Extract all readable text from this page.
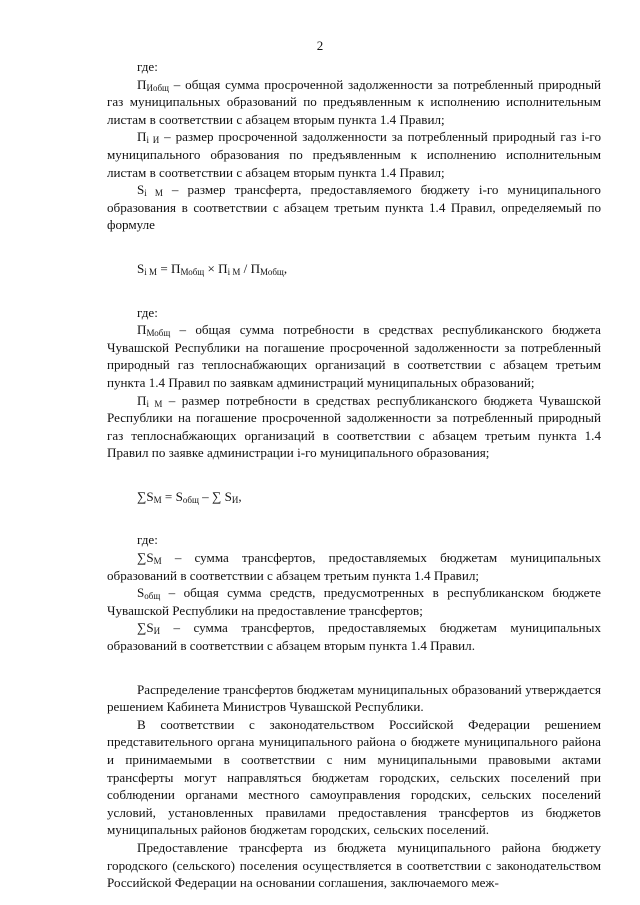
2

где:

$П_{Иобщ}$ – общая сумма просроченной задолженности за потребленный природный газ муниципальных образований по предъявленным к исполнению исполнительным листам в соответствии с абзацем вторым пункта 1.4 Правил;

$П_{i И}$ – размер просроченной задолженности за потребленный природный газ i-го муниципального образования по предъявленным к исполнению исполнительным листам в соответствии с абзацем вторым пункта 1.4 Правил;

$S_{i М}$ – размер трансферта, предоставляемого бюджету i-го муниципального образования в соответствии с абзацем третьим пункта 1.4 Правил, определяемый по формуле

$S_{i М} = П_{Мобщ} \times П_{i М} / П_{Мобщ}$,

где:

$П_{Мобщ}$ – общая сумма потребности в средствах республиканского бюджета Чувашской Республики на погашение просроченной задолженности за потребленный природный газ теплоснабжающих организаций в соответствии с абзацем третьим пункта 1.4 Правил по заявкам администраций муниципальных образований;

$П_{i М}$ – размер потребности в средствах республиканского бюджета Чувашской Республики на погашение просроченной задолженности за потребленный природный газ теплоснабжающих организаций в соответствии с абзацем третьим пункта 1.4 Правил по заявке администрации i-го муниципального образования;

$\sum S_М = S_{общ}$ – ∑ $S_И$,

где:

$\sum S_М$ – сумма трансфертов, предоставляемых бюджетам муниципальных образований в соответствии с абзацем третьим пункта 1.4 Правил;

$S_{общ}$ – общая сумма средств, предусмотренных в республиканском бюджете Чувашской Республики на предоставление трансфертов;

$\sum S_И$ – сумма трансфертов, предоставляемых бюджетам муниципальных образований в соответствии с абзацем вторым пункта 1.4 Правил.

Распределение трансфертов бюджетам муниципальных образований утверждается решением Кабинета Министров Чувашской Республики.

В соответствии с законодательством Российской Федерации решением представительного органа муниципального района о бюджете муниципального района и принимаемыми в соответствии с ним муниципальными правовыми актами трансферты могут направляться бюджетам городских, сельских поселений при соблюдении органами местного самоуправления городских, сельских поселений условий, установленных правилами предоставления трансфертов из бюджетов муниципальных районов бюджетам городских, сельских поселений.

Предоставление трансферта из бюджета муниципального района бюджету городского (сельского) поселения осуществляется в соответствии с законодательством Российской Федерации на основании соглашения, заключаемого меж-
